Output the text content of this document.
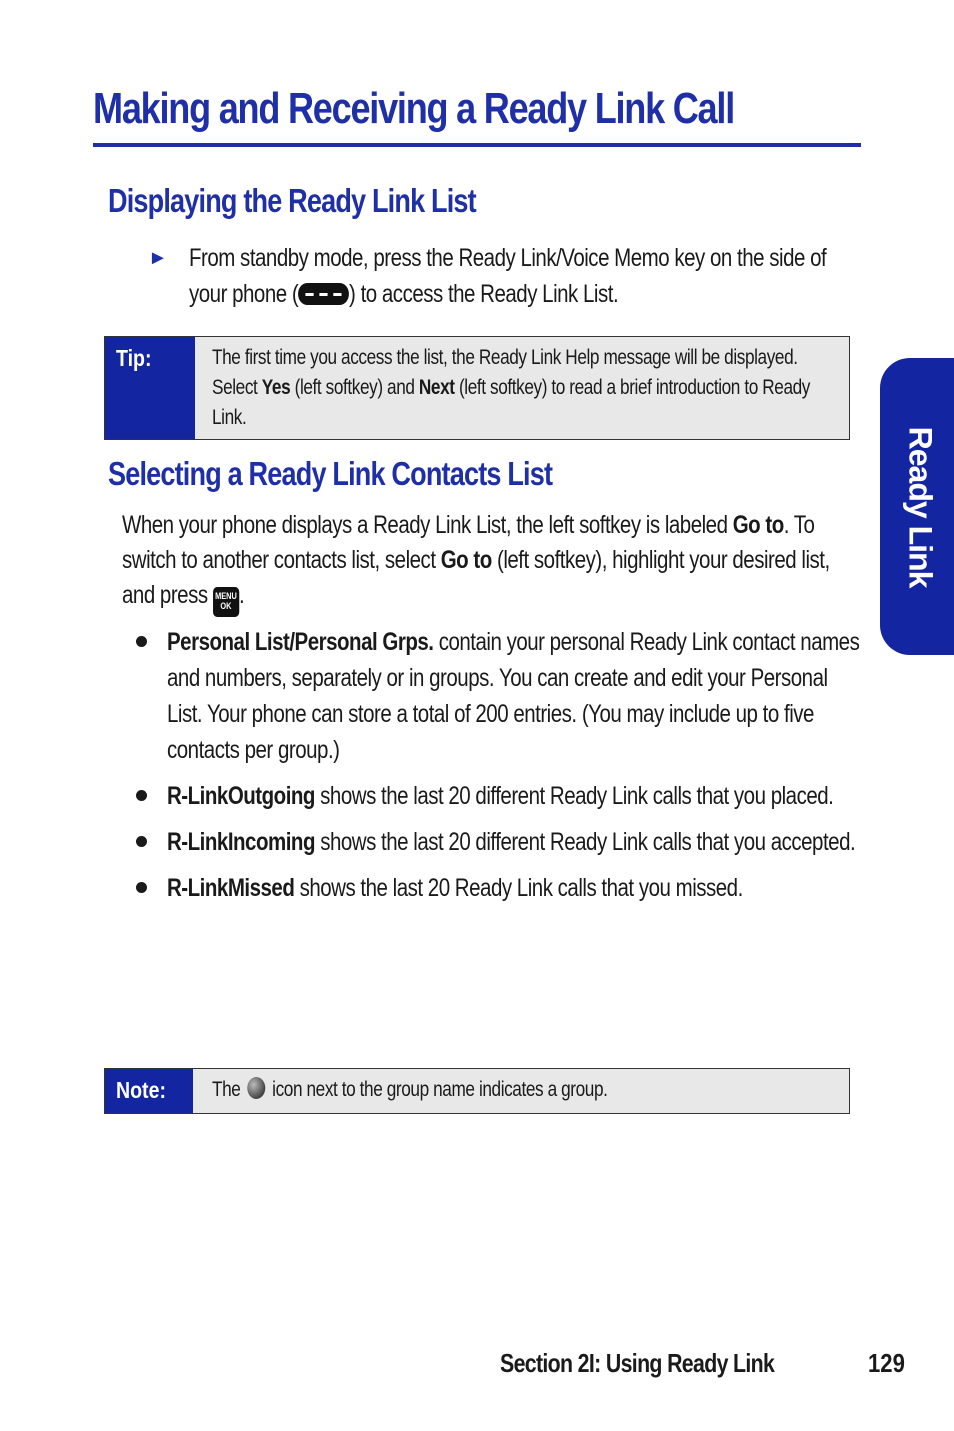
Making and Receiving a Ready Link Call
Displaying the Ready Link List
► From standby mode, press the Ready Link/Voice Memo key on the side of your phone ( ) to access the Ready Link List.
Tip:	The first time you access the list, the Ready Link Help message will be displayed. Select Yes (left softkey) and Next (left softkey) to read a brief introduction to Ready Link.
Selecting a Ready Link Contacts List
When your phone displays a Ready Link List, the left softkey is labeled Go to. To switch to another contacts list, select Go to (left softkey), highlight your desired list, and press MENU
OK .
Personal List/Personal Grps. contain your personal Ready Link contact names and numbers, separately or in groups. You can create and edit your Personal List. Your phone can store a total of 200 entries. (You may include up to five contacts per group.)
R-LinkOutgoing shows the last 20 different Ready Link calls that you placed.
R-LinkIncoming shows the last 20 different Ready Link calls that you accepted.
R-LinkMissed shows the last 20 Ready Link calls that you missed.
Note:	The  icon next to the group name indicates a group.
Ready Link
Section 2I: Using Ready Link	129
